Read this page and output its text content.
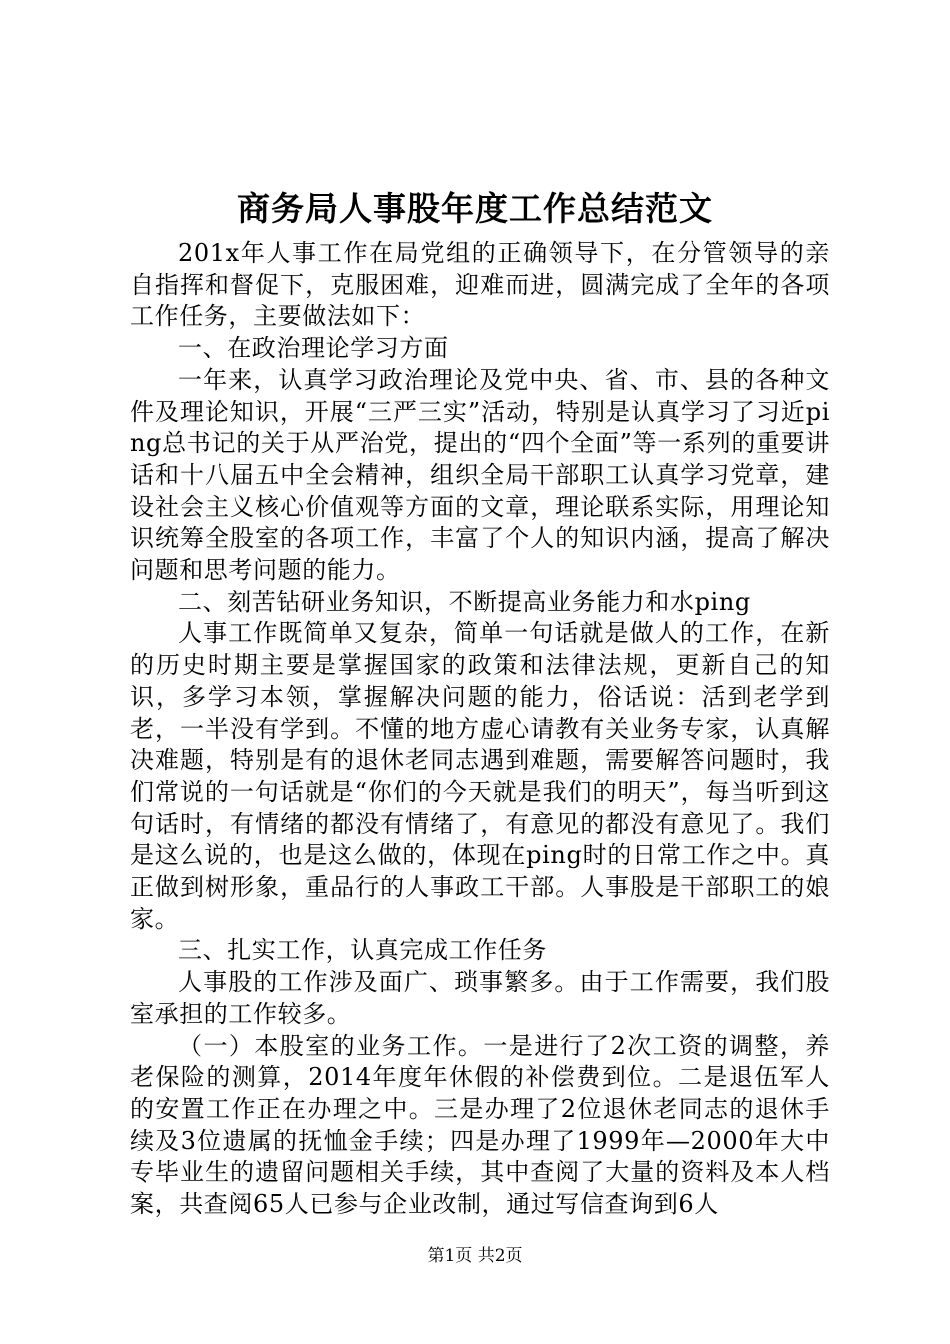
商务局人事股年度工作总结范文

201x年人事工作在局党组的正确领导下，在分管领导的亲自指挥和督促下，克服困难，迎难而进，圆满完成了全年的各项工作任务，主要做法如下：

一、在政治理论学习方面

一年来，认真学习政治理论及党中央、省、市、县的各种文件及理论知识，开展“三严三实”活动，特别是认真学习了习近ping总书记的关于从严治党，提出的“四个全面”等一系列的重要讲话和十八届五中全会精神，组织全局干部职工认真学习党章，建设社会主义核心价值观等方面的文章，理论联系实际，用理论知识统筹全股室的各项工作，丰富了个人的知识内涵，提高了解决问题和思考问题的能力。

二、刻苦钻研业务知识，不断提高业务能力和水ping

人事工作既简单又复杂，简单一句话就是做人的工作，在新的历史时期主要是掌握国家的政策和法律法规，更新自己的知识，多学习本领，掌握解决问题的能力，俗话说：活到老学到老，一半没有学到。不懂的地方虚心请教有关业务专家，认真解决难题，特别是有的退休老同志遇到难题，需要解答问题时，我们常说的一句话就是“你们的今天就是我们的明天”，每当听到这句话时，有情绪的都没有情绪了，有意见的都没有意见了。我们是这么说的，也是这么做的，体现在ping时的日常工作之中。真正做到树形象，重品行的人事政工干部。人事股是干部职工的娘家。

三、扎实工作，认真完成工作任务

人事股的工作涉及面广、琐事繁多。由于工作需要，我们股室承担的工作较多。

（一）本股室的业务工作。一是进行了2次工资的调整，养老保险的测算，2014年度年休假的补偿费到位。二是退伍军人的安置工作正在办理之中。三是办理了2位退休老同志的退休手续及3位遗属的抚恤金手续；四是办理了1999年—2000年大中专毕业生的遗留问题相关手续，其中查阅了大量的资料及本人档案，共查阅65人已参与企业改制，通过写信查询到6人

第1页 共2页
